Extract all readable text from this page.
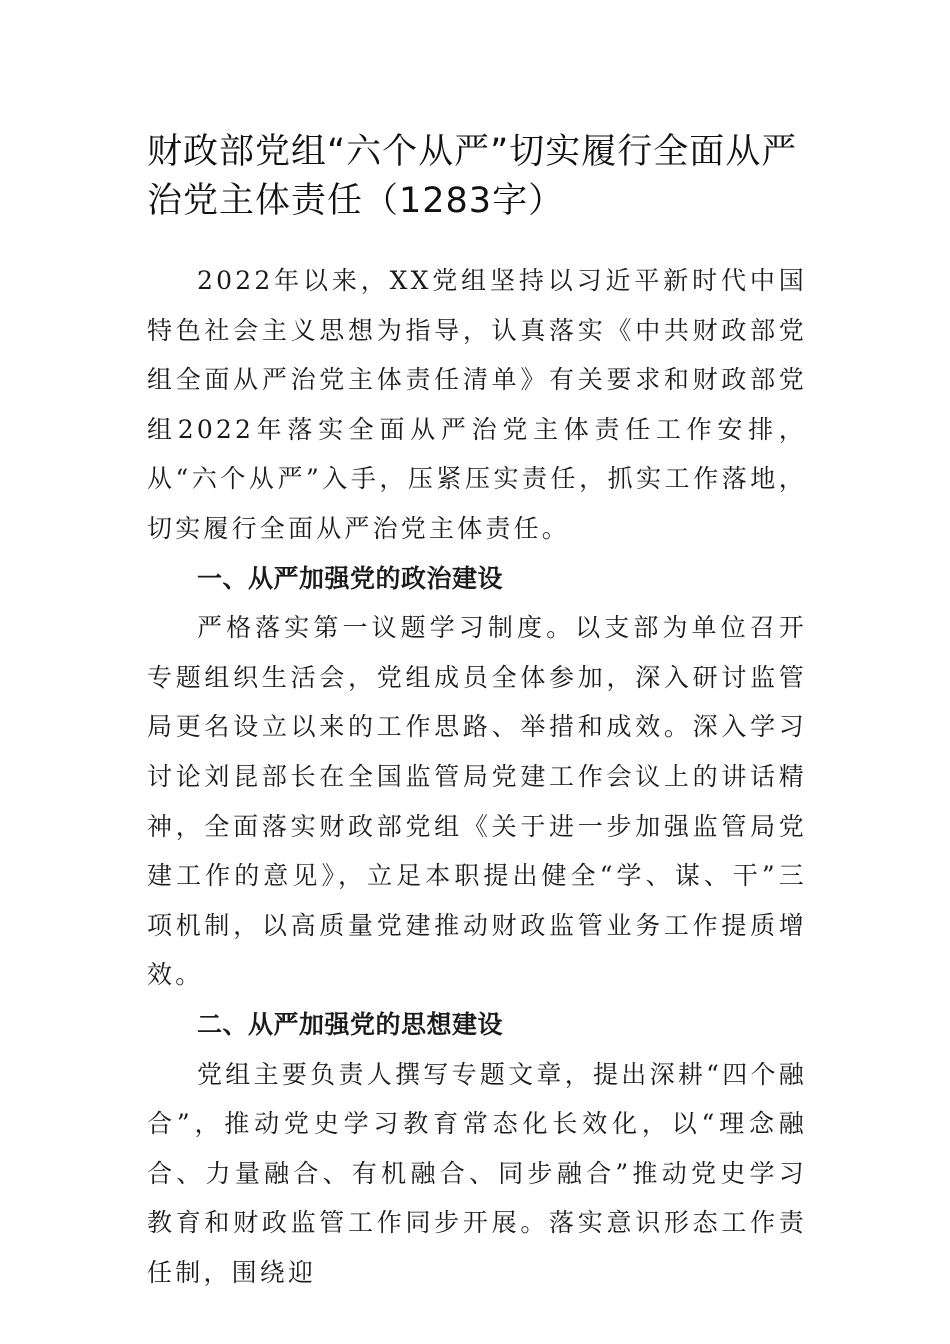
财政部党组“六个从严”切实履行全面从严治党主体责任（1283字）

2022年以来，XX党组坚持以习近平新时代中国特色社会主义思想为指导，认真落实《中共财政部党组全面从严治党主体责任清单》有关要求和财政部党组2022年落实全面从严治党主体责任工作安排，从“六个从严”入手，压紧压实责任，抓实工作落地，切实履行全面从严治党主体责任。

一、从严加强党的政治建设

严格落实第一议题学习制度。以支部为单位召开专题组织生活会，党组成员全体参加，深入研讨监管局更名设立以来的工作思路、举措和成效。深入学习讨论刘昆部长在全国监管局党建工作会议上的讲话精神，全面落实财政部党组《关于进一步加强监管局党建工作的意见》，立足本职提出健全“学、谋、干”三项机制，以高质量党建推动财政监管业务工作提质增效。

二、从严加强党的思想建设

党组主要负责人撰写专题文章，提出深耕“四个融合”，推动党史学习教育常态化长效化，以“理念融合、力量融合、有机融合、同步融合”推动党史学习教育和财政监管工作同步开展。落实意识形态工作责任制，围绕迎
